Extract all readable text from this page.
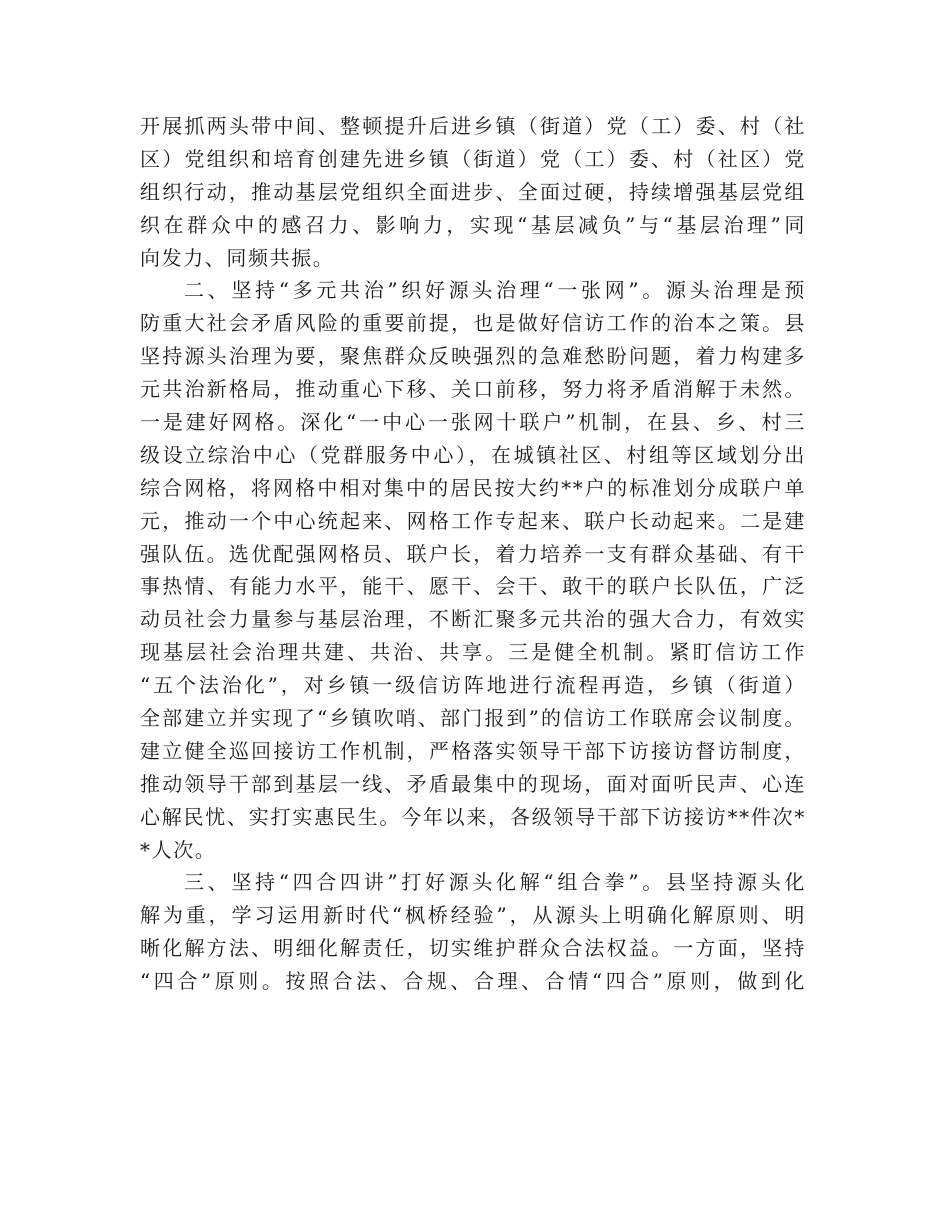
开展抓两头带中间、整顿提升后进乡镇（街道）党（工）委、村（社
区）党组织和培育创建先进乡镇（街道）党（工）委、村（社区）党
组织行动，推动基层党组织全面进步、全面过硬，持续增强基层党组
织在群众中的感召力、影响力，实现“基层减负”与“基层治理”同
向发力、同频共振。
二、坚持“多元共治”织好源头治理“一张网”。源头治理是预
防重大社会矛盾风险的重要前提，也是做好信访工作的治本之策。县
坚持源头治理为要，聚焦群众反映强烈的急难愁盼问题，着力构建多
元共治新格局，推动重心下移、关口前移，努力将矛盾消解于未然。
一是建好网格。深化“一中心一张网十联户”机制，在县、乡、村三
级设立综治中心（党群服务中心），在城镇社区、村组等区域划分出
综合网格，将网格中相对集中的居民按大约**户的标准划分成联户单
元，推动一个中心统起来、网格工作专起来、联户长动起来。二是建
强队伍。选优配强网格员、联户长，着力培养一支有群众基础、有干
事热情、有能力水平，能干、愿干、会干、敢干的联户长队伍，广泛
动员社会力量参与基层治理，不断汇聚多元共治的强大合力，有效实
现基层社会治理共建、共治、共享。三是健全机制。紧盯信访工作
“五个法治化”，对乡镇一级信访阵地进行流程再造，乡镇（街道）
全部建立并实现了“乡镇吹哨、部门报到”的信访工作联席会议制度。
建立健全巡回接访工作机制，严格落实领导干部下访接访督访制度，
推动领导干部到基层一线、矛盾最集中的现场，面对面听民声、心连
心解民忧、实打实惠民生。今年以来，各级领导干部下访接访**件次*
*人次。
三、坚持“四合四讲”打好源头化解“组合拳”。县坚持源头化
解为重，学习运用新时代“枫桥经验”，从源头上明确化解原则、明
晰化解方法、明细化解责任，切实维护群众合法权益。一方面，坚持
“四合”原则。按照合法、合规、合理、合情“四合”原则，做到化
